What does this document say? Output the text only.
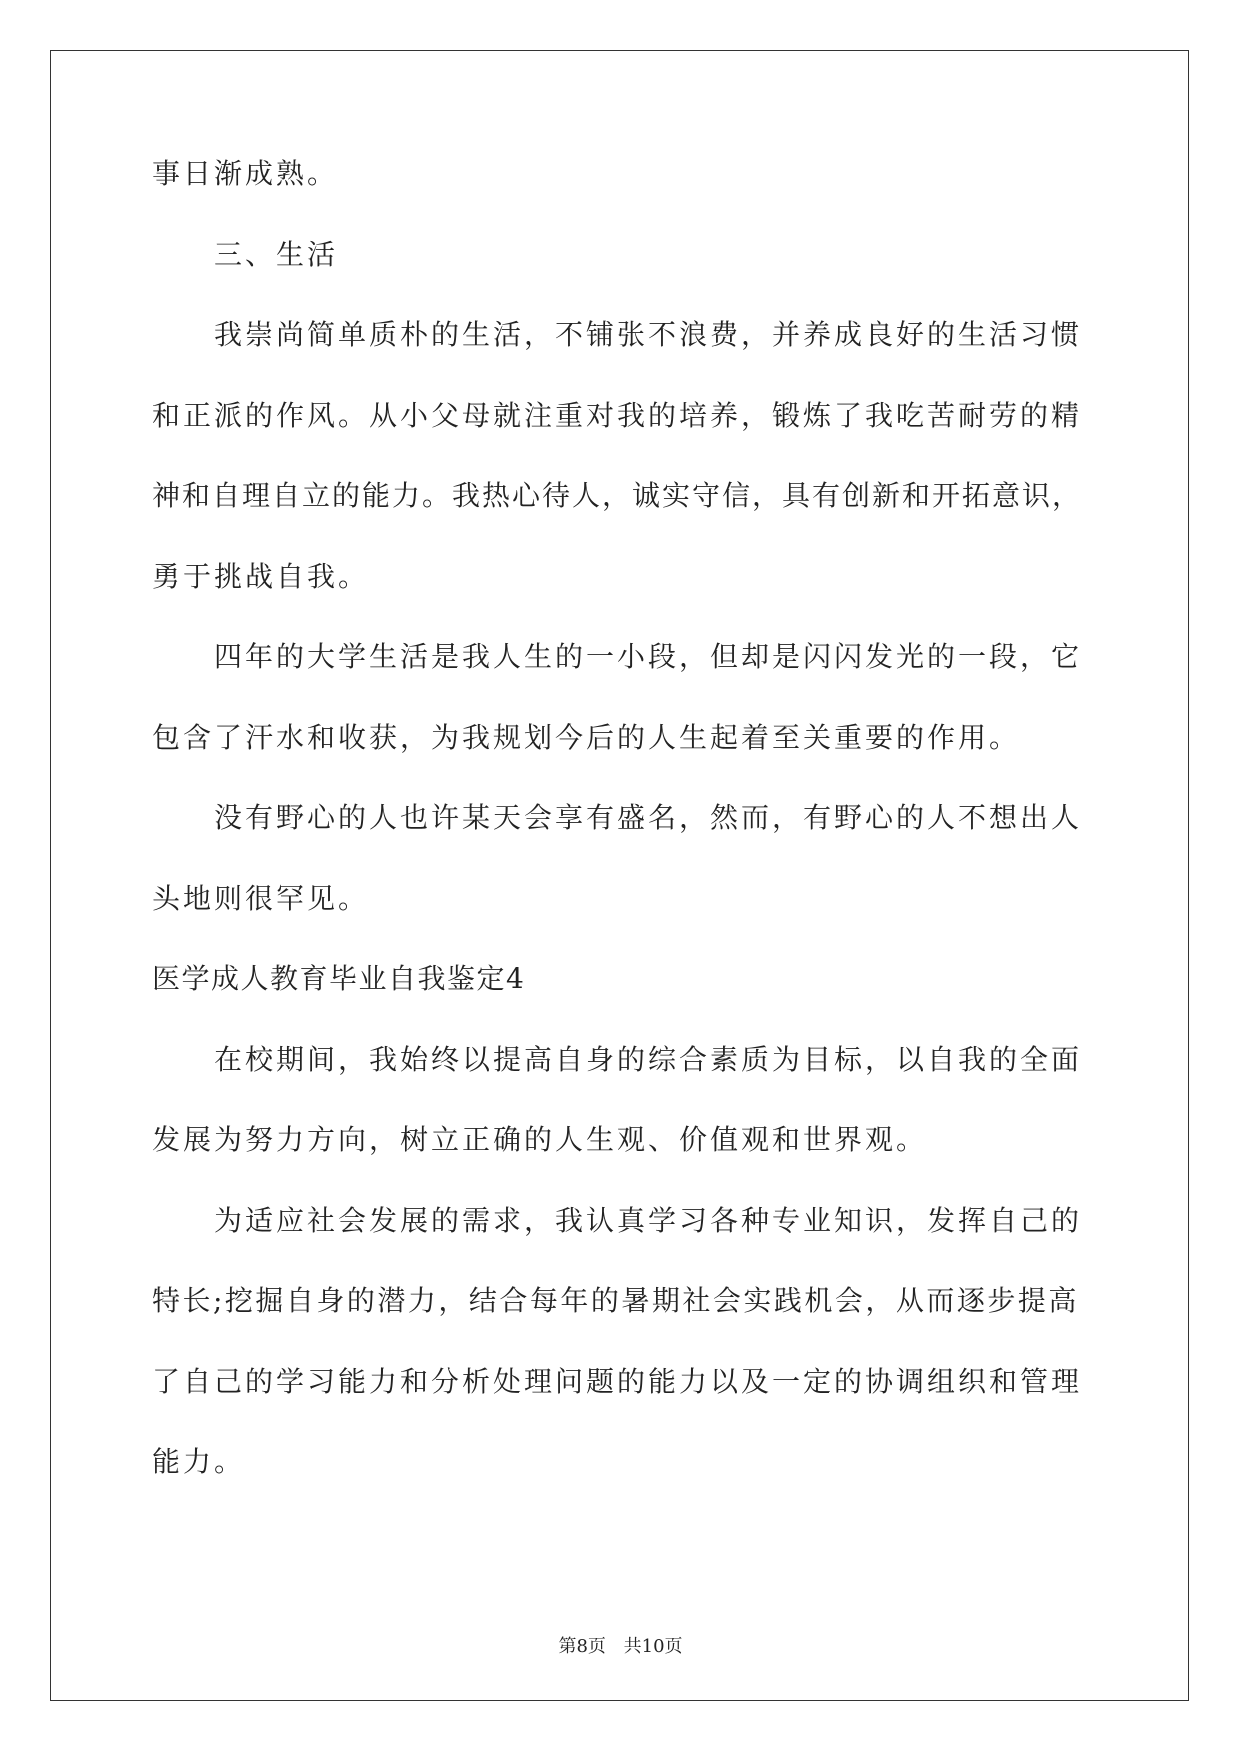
事日渐成熟。
三、生活
我崇尚简单质朴的生活，不铺张不浪费，并养成良好的生活习惯
和正派的作风。从小父母就注重对我的培养，锻炼了我吃苦耐劳的精
神和自理自立的能力。我热心待人，诚实守信，具有创新和开拓意识，
勇于挑战自我。
四年的大学生活是我人生的一小段，但却是闪闪发光的一段，它
包含了汗水和收获，为我规划今后的人生起着至关重要的作用。
没有野心的人也许某天会享有盛名，然而，有野心的人不想出人
头地则很罕见。
医学成人教育毕业自我鉴定4
在校期间，我始终以提高自身的综合素质为目标，以自我的全面
发展为努力方向，树立正确的人生观、价值观和世界观。
为适应社会发展的需求，我认真学习各种专业知识，发挥自己的
特长;挖掘自身的潜力，结合每年的暑期社会实践机会，从而逐步提高
了自己的学习能力和分析处理问题的能力以及一定的协调组织和管理
能力。
第8页 共10页
